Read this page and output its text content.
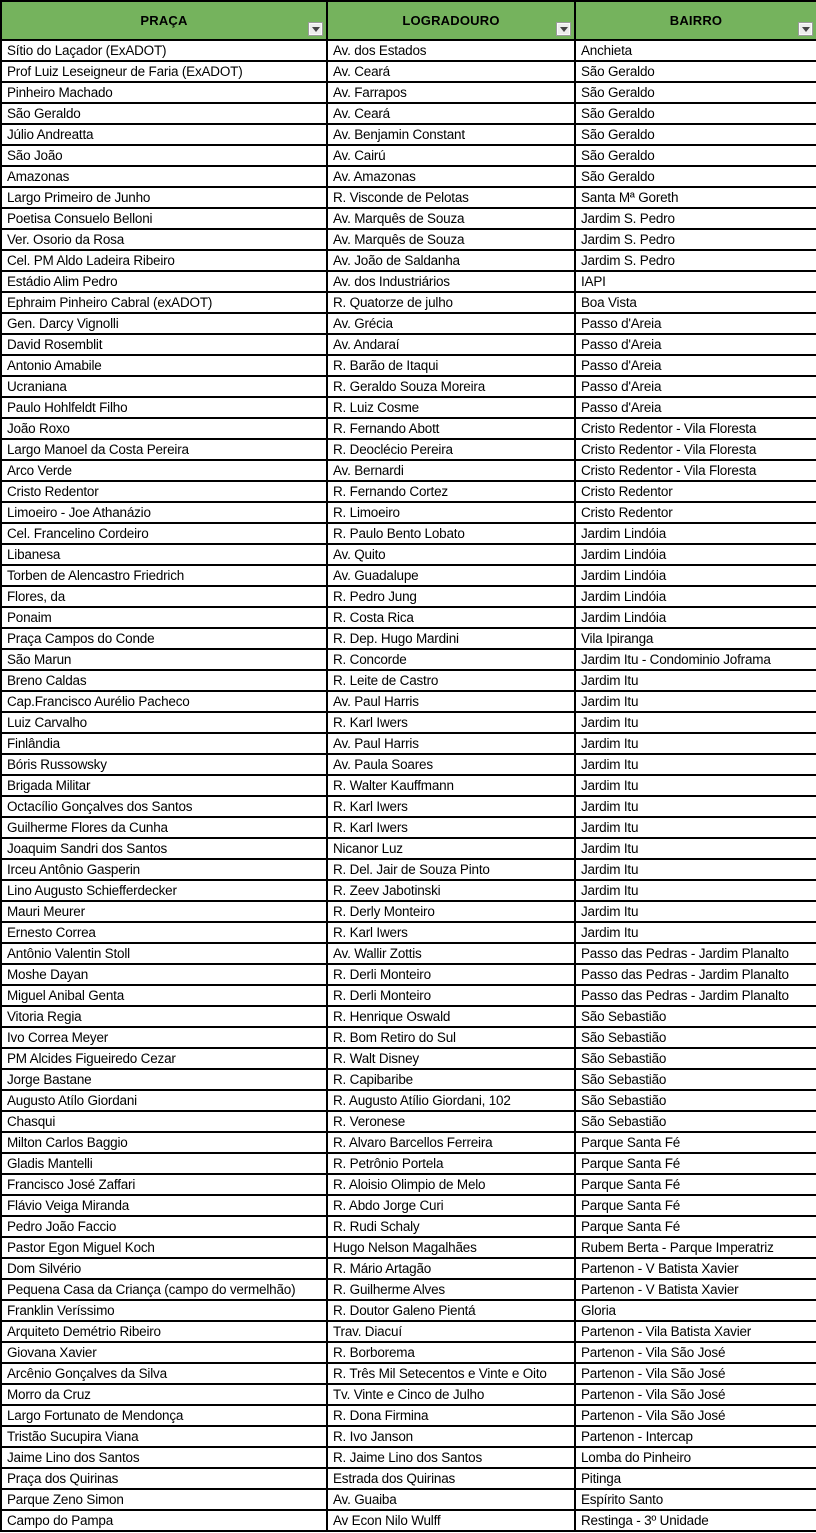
PRAÇA	LOGRADOURO	BAIRRO

Sítio do Laçador (ExADOT)	Av. dos Estados	Anchieta
Prof Luiz Leseigneur de Faria (ExADOT)	Av. Ceará	São Geraldo
Pinheiro Machado	Av. Farrapos	São Geraldo
São Geraldo	Av. Ceará	São Geraldo
Júlio Andreatta	Av. Benjamin Constant	São Geraldo
São João	Av. Cairú	São Geraldo
Amazonas	Av. Amazonas	São Geraldo
Largo Primeiro de Junho	R. Visconde de Pelotas	Santa Mª Goreth
Poetisa Consuelo Belloni	Av. Marquês de Souza	Jardim S. Pedro
Ver. Osorio da Rosa	Av. Marquês de Souza	Jardim S. Pedro
Cel. PM Aldo Ladeira Ribeiro	Av. João de Saldanha	Jardim S. Pedro
Estádio Alim Pedro	Av. dos Industriários	IAPI
Ephraim Pinheiro Cabral (exADOT)	R. Quatorze de julho	Boa Vista
Gen. Darcy Vignolli	Av. Grécia	Passo d'Areia
David Rosemblit	Av. Andaraí	Passo d'Areia
Antonio Amabile	R. Barão de Itaqui	Passo d'Areia
Ucraniana	R. Geraldo Souza Moreira	Passo d'Areia
Paulo Hohlfeldt Filho	R. Luiz Cosme	Passo d'Areia
João Roxo	R. Fernando Abott	Cristo Redentor - Vila Floresta
Largo Manoel da Costa Pereira	R. Deoclécio Pereira	Cristo Redentor - Vila Floresta
Arco Verde	Av. Bernardi	Cristo Redentor - Vila Floresta
Cristo Redentor	R. Fernando Cortez	Cristo Redentor
Limoeiro - Joe Athanázio	R. Limoeiro	Cristo Redentor
Cel. Francelino Cordeiro	R. Paulo Bento Lobato	Jardim Lindóia
Libanesa	Av. Quito	Jardim Lindóia
Torben de Alencastro Friedrich	Av. Guadalupe	Jardim Lindóia
Flores, da	R. Pedro Jung	Jardim Lindóia
Ponaim	R. Costa Rica	Jardim Lindóia
Praça Campos do Conde	R. Dep. Hugo Mardini	Vila Ipiranga
São Marun	R. Concorde	Jardim Itu - Condominio Joframa
Breno Caldas	R. Leite de Castro	Jardim Itu
Cap.Francisco Aurélio Pacheco	Av. Paul Harris	Jardim Itu
Luiz Carvalho	R. Karl Iwers	Jardim Itu
Finlândia	Av. Paul Harris	Jardim Itu
Bóris Russowsky	Av. Paula Soares	Jardim Itu
Brigada Militar	R. Walter Kauffmann	Jardim Itu
Octacílio Gonçalves dos Santos	R. Karl Iwers	Jardim Itu
Guilherme Flores da Cunha	R. Karl Iwers	Jardim Itu
Joaquim Sandri dos Santos	Nicanor Luz	Jardim Itu
Irceu Antônio Gasperin	R. Del. Jair de Souza Pinto	Jardim Itu
Lino Augusto Schiefferdecker	R. Zeev Jabotinski	Jardim Itu
Mauri Meurer	R. Derly Monteiro	Jardim Itu
Ernesto Correa	R. Karl Iwers	Jardim Itu
Antônio Valentin Stoll	Av. Wallir Zottis	Passo das Pedras - Jardim Planalto
Moshe Dayan	R. Derli Monteiro	Passo das Pedras - Jardim Planalto
Miguel Anibal Genta	R. Derli Monteiro	Passo das Pedras - Jardim Planalto
Vitoria Regia	R. Henrique Oswald	São Sebastião
Ivo Correa Meyer	R. Bom Retiro do Sul	São Sebastião
PM Alcides Figueiredo Cezar	R. Walt Disney	São Sebastião
Jorge Bastane	R. Capibaribe	São Sebastião
Augusto Atílo Giordani	R. Augusto Atílio Giordani, 102	São Sebastião
Chasqui	R. Veronese	São Sebastião
Milton Carlos Baggio	R. Alvaro Barcellos Ferreira	Parque Santa Fé
Gladis Mantelli	R. Petrônio Portela	Parque Santa Fé
Francisco José Zaffari	R. Aloisio Olimpio de Melo	Parque Santa Fé
Flávio Veiga Miranda	R. Abdo Jorge Curi	Parque Santa Fé
Pedro João Faccio	R. Rudi Schaly	Parque Santa Fé
Pastor Egon Miguel Koch	Hugo Nelson Magalhães	Rubem Berta - Parque Imperatriz
Dom Silvério	R. Mário Artagão	Partenon - V Batista Xavier
Pequena Casa da Criança (campo do vermelhão)	R. Guilherme Alves	Partenon - V Batista Xavier
Franklin Veríssimo	R. Doutor Galeno Pientá	Gloria
Arquiteto Demétrio Ribeiro	Trav. Diacuí	Partenon - Vila Batista Xavier
Giovana Xavier	R. Borborema	Partenon - Vila São José
Arcênio Gonçalves da Silva	R. Três Mil Setecentos e Vinte e Oito	Partenon - Vila São José
Morro da Cruz	Tv. Vinte e Cinco de Julho	Partenon - Vila São José
Largo Fortunato de Mendonça	R. Dona Firmina	Partenon - Vila São José
Tristão Sucupira Viana	R. Ivo Janson	Partenon - Intercap
Jaime Lino dos Santos	R. Jaime Lino dos Santos	Lomba do Pinheiro
Praça dos Quirinas	Estrada dos Quirinas	Pitinga
Parque Zeno Simon	Av. Guaiba	Espírito Santo
Campo do Pampa	Av Econ Nilo Wulff	Restinga - 3º Unidade
